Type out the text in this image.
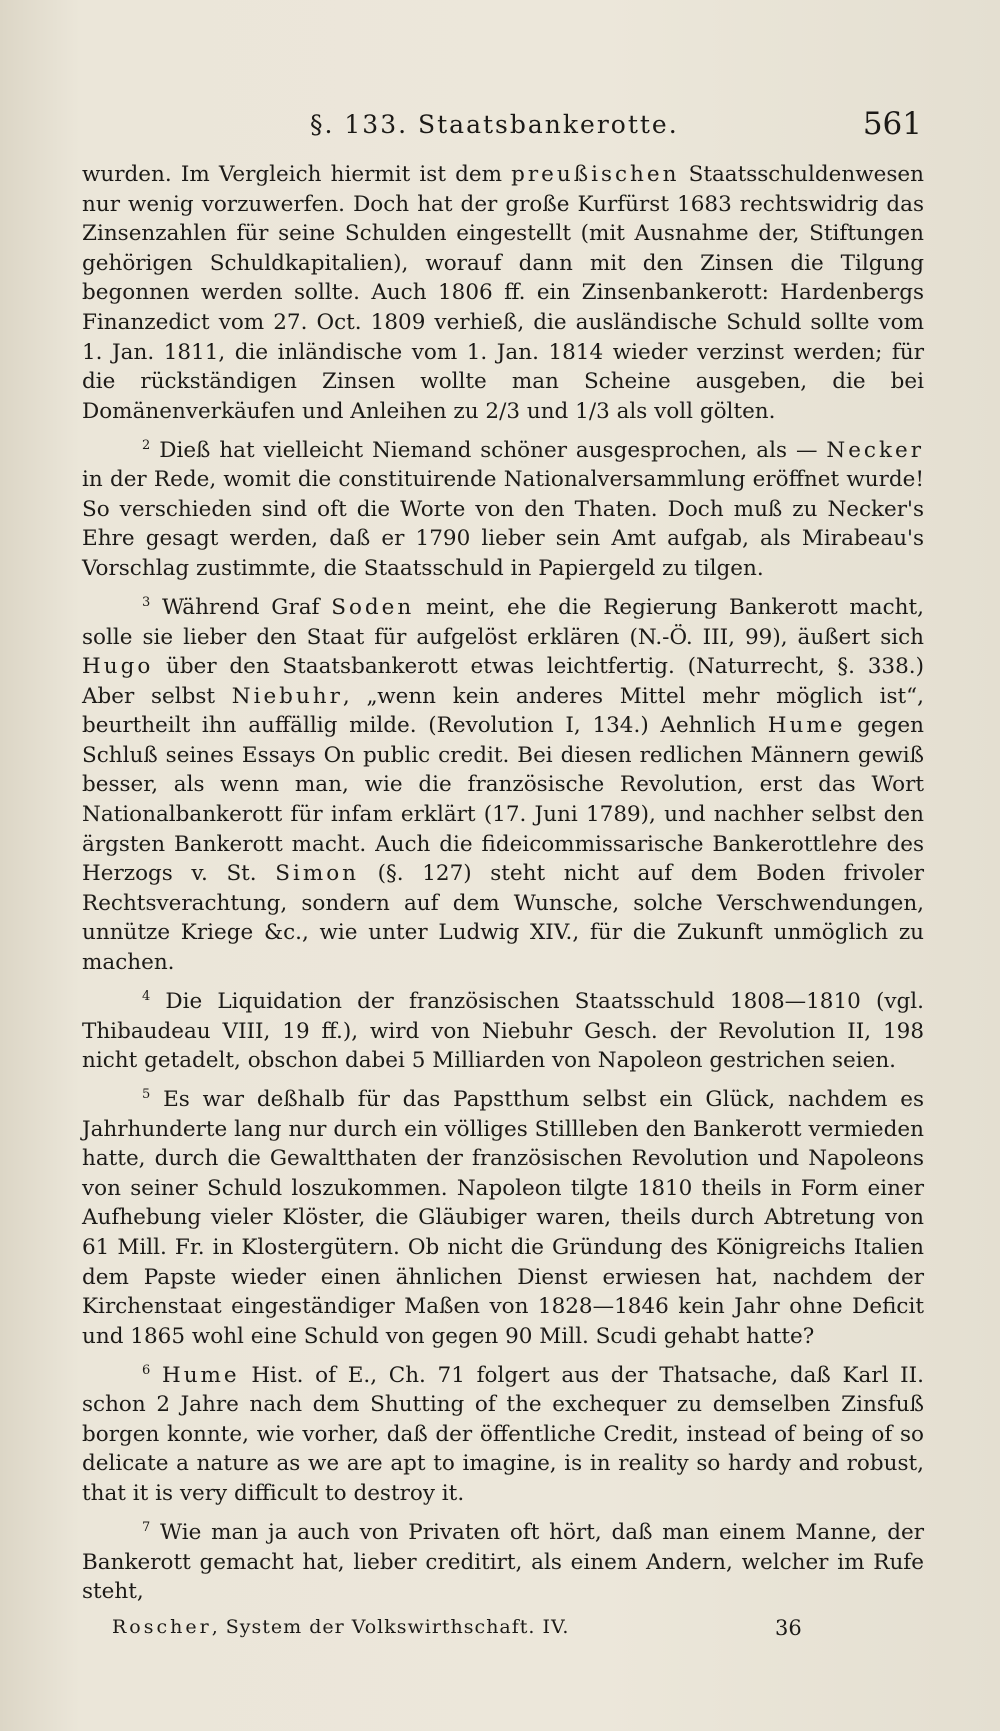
§. 133. Staatsbankerotte.	561

wurden. Im Vergleich hiermit ist dem preußischen Staatsschuldenwesen nur wenig vorzuwerfen. Doch hat der große Kurfürst 1683 rechtswidrig das Zinsenzahlen für seine Schulden eingestellt (mit Ausnahme der, Stiftungen gehörigen Schuldkapitalien), worauf dann mit den Zinsen die Tilgung begonnen werden sollte. Auch 1806 ff. ein Zinsenbankerott: Hardenbergs Finanzedict vom 27. Oct. 1809 verhieß, die ausländische Schuld sollte vom 1. Jan. 1811, die inländische vom 1. Jan. 1814 wieder verzinst werden; für die rückständigen Zinsen wollte man Scheine ausgeben, die bei Domänenverkäufen und Anleihen zu 2/3 und 1/3 als voll gölten.

$^2$ Dieß hat vielleicht Niemand schöner ausgesprochen, als — Necker in der Rede, womit die constituirende Nationalversammlung eröffnet wurde! So verschieden sind oft die Worte von den Thaten. Doch muß zu Necker's Ehre gesagt werden, daß er 1790 lieber sein Amt aufgab, als Mirabeau's Vorschlag zustimmte, die Staatsschuld in Papiergeld zu tilgen.

$^3$ Während Graf Soden meint, ehe die Regierung Bankerott macht, solle sie lieber den Staat für aufgelöst erklären (N.-Ö. III, 99), äußert sich Hugo über den Staatsbankerott etwas leichtfertig. (Naturrecht, §. 338.) Aber selbst Niebuhr, „wenn kein anderes Mittel mehr möglich ist“, beurtheilt ihn auffällig milde. (Revolution I, 134.) Aehnlich Hume gegen Schluß seines Essays On public credit. Bei diesen redlichen Männern gewiß besser, als wenn man, wie die französische Revolution, erst das Wort Nationalbankerott für infam erklärt (17. Juni 1789), und nachher selbst den ärgsten Bankerott macht. Auch die fideicommissarische Bankerottlehre des Herzogs v. St. Simon (§. 127) steht nicht auf dem Boden frivoler Rechtsverachtung, sondern auf dem Wunsche, solche Verschwendungen, unnütze Kriege &c., wie unter Ludwig XIV., für die Zukunft unmöglich zu machen.

$^4$ Die Liquidation der französischen Staatsschuld 1808—1810 (vgl. Thibaudeau VIII, 19 ff.), wird von Niebuhr Gesch. der Revolution II, 198 nicht getadelt, obschon dabei 5 Milliarden von Napoleon gestrichen seien.

$^5$ Es war deßhalb für das Papstthum selbst ein Glück, nachdem es Jahrhunderte lang nur durch ein völliges Stillleben den Bankerott vermieden hatte, durch die Gewaltthaten der französischen Revolution und Napoleons von seiner Schuld loszukommen. Napoleon tilgte 1810 theils in Form einer Aufhebung vieler Klöster, die Gläubiger waren, theils durch Abtretung von 61 Mill. Fr. in Klostergütern. Ob nicht die Gründung des Königreichs Italien dem Papste wieder einen ähnlichen Dienst erwiesen hat, nachdem der Kirchenstaat eingeständiger Maßen von 1828—1846 kein Jahr ohne Deficit und 1865 wohl eine Schuld von gegen 90 Mill. Scudi gehabt hatte?

$^6$ Hume Hist. of E., Ch. 71 folgert aus der Thatsache, daß Karl II. schon 2 Jahre nach dem Shutting of the exchequer zu demselben Zinsfuß borgen konnte, wie vorher, daß der öffentliche Credit, instead of being of so delicate a nature as we are apt to imagine, is in reality so hardy and robust, that it is very difficult to destroy it.

$^7$ Wie man ja auch von Privaten oft hört, daß man einem Manne, der Bankerott gemacht hat, lieber creditirt, als einem Andern, welcher im Rufe steht,

Roscher, System der Volkswirthschaft. IV.	36
